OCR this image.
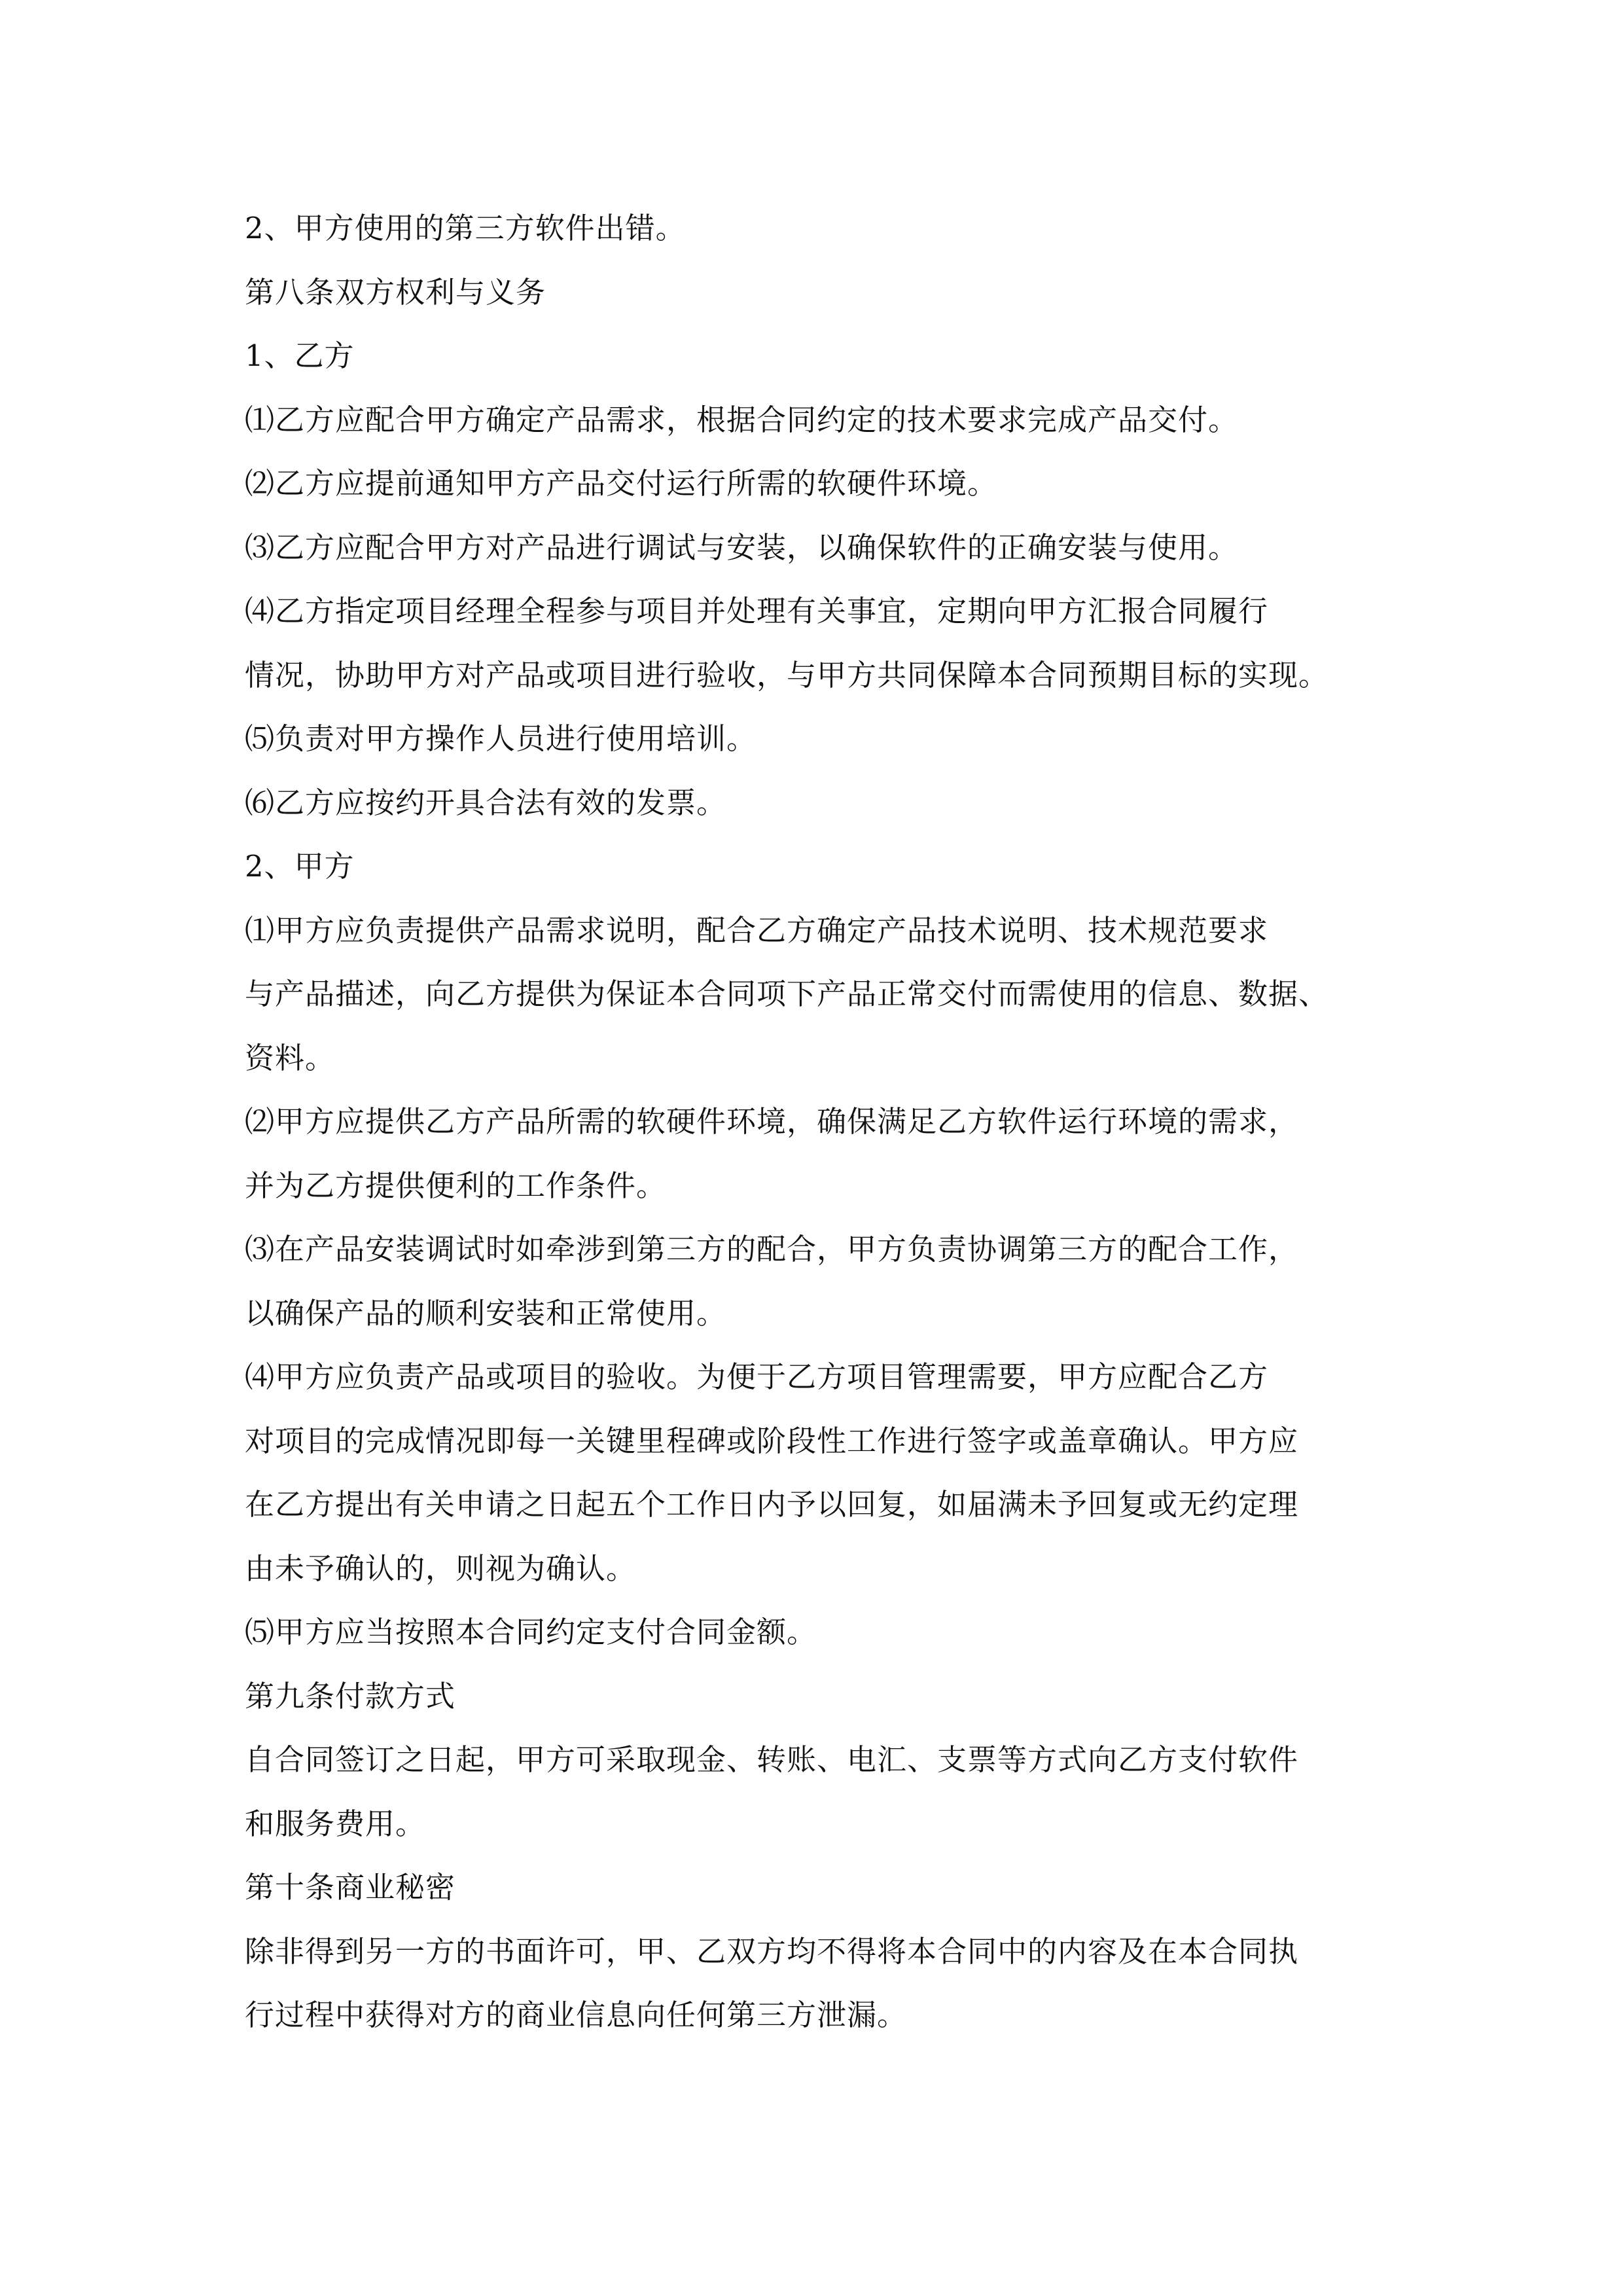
2、甲方使用的第三方软件出错。
第八条双方权利与义务
1、乙方
⑴乙方应配合甲方确定产品需求，根据合同约定的技术要求完成产品交付。
⑵乙方应提前通知甲方产品交付运行所需的软硬件环境。
⑶乙方应配合甲方对产品进行调试与安装，以确保软件的正确安装与使用。
⑷乙方指定项目经理全程参与项目并处理有关事宜，定期向甲方汇报合同履行
情况，协助甲方对产品或项目进行验收，与甲方共同保障本合同预期目标的实现。
⑸负责对甲方操作人员进行使用培训。
⑹乙方应按约开具合法有效的发票。
2、甲方
⑴甲方应负责提供产品需求说明，配合乙方确定产品技术说明、技术规范要求
与产品描述，向乙方提供为保证本合同项下产品正常交付而需使用的信息、数据、
资料。
⑵甲方应提供乙方产品所需的软硬件环境，确保满足乙方软件运行环境的需求，
并为乙方提供便利的工作条件。
⑶在产品安装调试时如牵涉到第三方的配合，甲方负责协调第三方的配合工作，
以确保产品的顺利安装和正常使用。
⑷甲方应负责产品或项目的验收。为便于乙方项目管理需要，甲方应配合乙方
对项目的完成情况即每一关键里程碑或阶段性工作进行签字或盖章确认。甲方应
在乙方提出有关申请之日起五个工作日内予以回复，如届满未予回复或无约定理
由未予确认的，则视为确认。
⑸甲方应当按照本合同约定支付合同金额。
第九条付款方式
自合同签订之日起，甲方可采取现金、转账、电汇、支票等方式向乙方支付软件
和服务费用。
第十条商业秘密
除非得到另一方的书面许可，甲、乙双方均不得将本合同中的内容及在本合同执
行过程中获得对方的商业信息向任何第三方泄漏。
